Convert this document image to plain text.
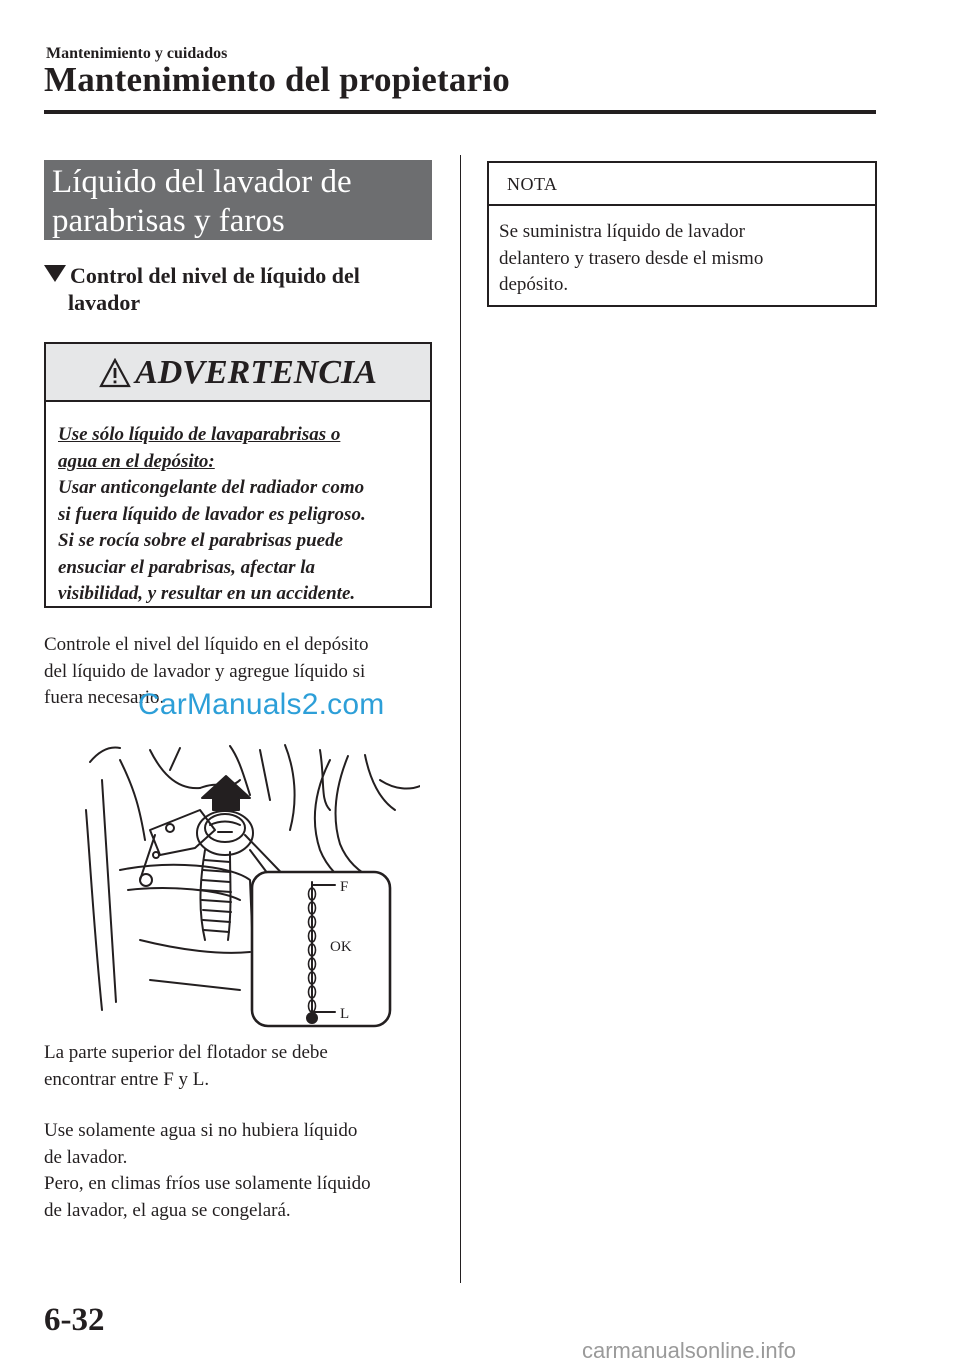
Mantenimiento y cuidados
Mantenimiento del propietario
Líquido del lavador de
parabrisas y faros
Control del nivel de líquido del
lavador
ADVERTENCIA
Use sólo líquido de lavaparabrisas o
agua en el depósito:
Usar anticongelante del radiador como
si fuera líquido de lavador es peligroso.
Si se rocía sobre el parabrisas puede
ensuciar el parabrisas, afectar la
visibilidad, y resultar en un accidente.
Controle el nivel del líquido en el depósito
del líquido de lavador y agregue líquido si
fuera necesario.
CarManuals2.com
F
OK
L
La parte superior del flotador se debe
encontrar entre F y L.
Use solamente agua si no hubiera líquido
de lavador.
Pero, en climas fríos use solamente líquido
de lavador, el agua se congelará.
NOTA
Se suministra líquido de lavador
delantero y trasero desde el mismo
depósito.
6-32
carmanualsonline.info
